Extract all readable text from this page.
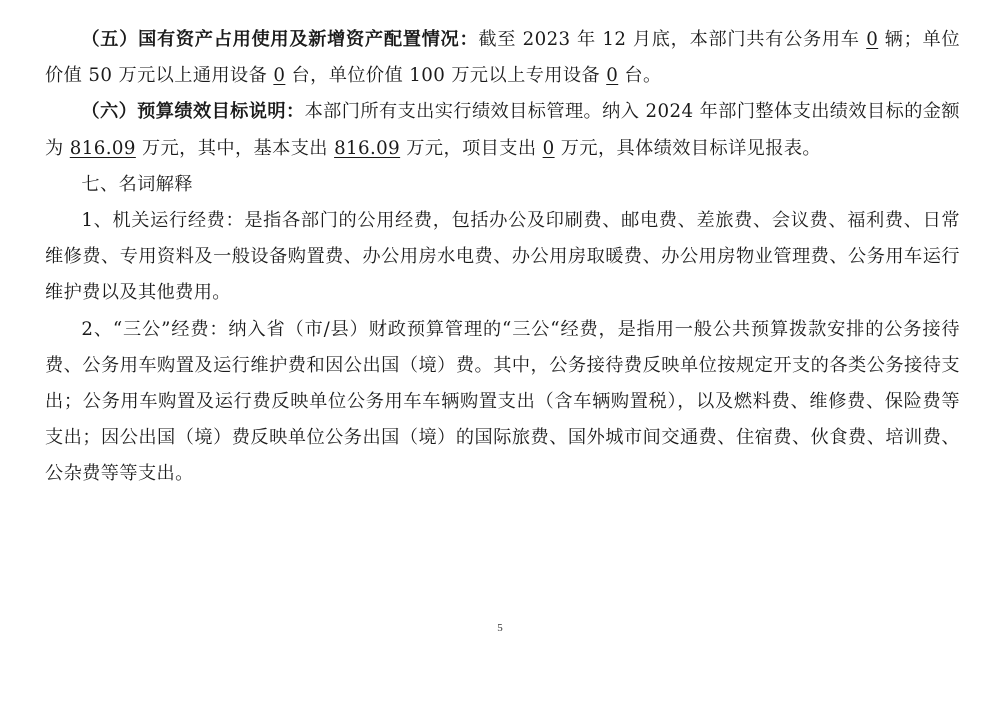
（五）国有资产占用使用及新增资产配置情况：截至 2023 年 12 月底，本部门共有公务用车 0 辆；单位价值 50 万元以上通用设备 0 台，单位价值 100 万元以上专用设备 0 台。

（六）预算绩效目标说明：本部门所有支出实行绩效目标管理。纳入 2024 年部门整体支出绩效目标的金额为 816.09 万元，其中，基本支出 816.09 万元，项目支出 0 万元，具体绩效目标详见报表。

七、名词解释

1、机关运行经费：是指各部门的公用经费，包括办公及印刷费、邮电费、差旅费、会议费、福利费、日常维修费、专用资料及一般设备购置费、办公用房水电费、办公用房取暖费、办公用房物业管理费、公务用车运行维护费以及其他费用。

2、“三公”经费：纳入省（市/县）财政预算管理的“三公“经费，是指用一般公共预算拨款安排的公务接待费、公务用车购置及运行维护费和因公出国（境）费。其中，公务接待费反映单位按规定开支的各类公务接待支出；公务用车购置及运行费反映单位公务用车车辆购置支出（含车辆购置税），以及燃料费、维修费、保险费等支出；因公出国（境）费反映单位公务出国（境）的国际旅费、国外城市间交通费、住宿费、伙食费、培训费、公杂费等等支出。

5
